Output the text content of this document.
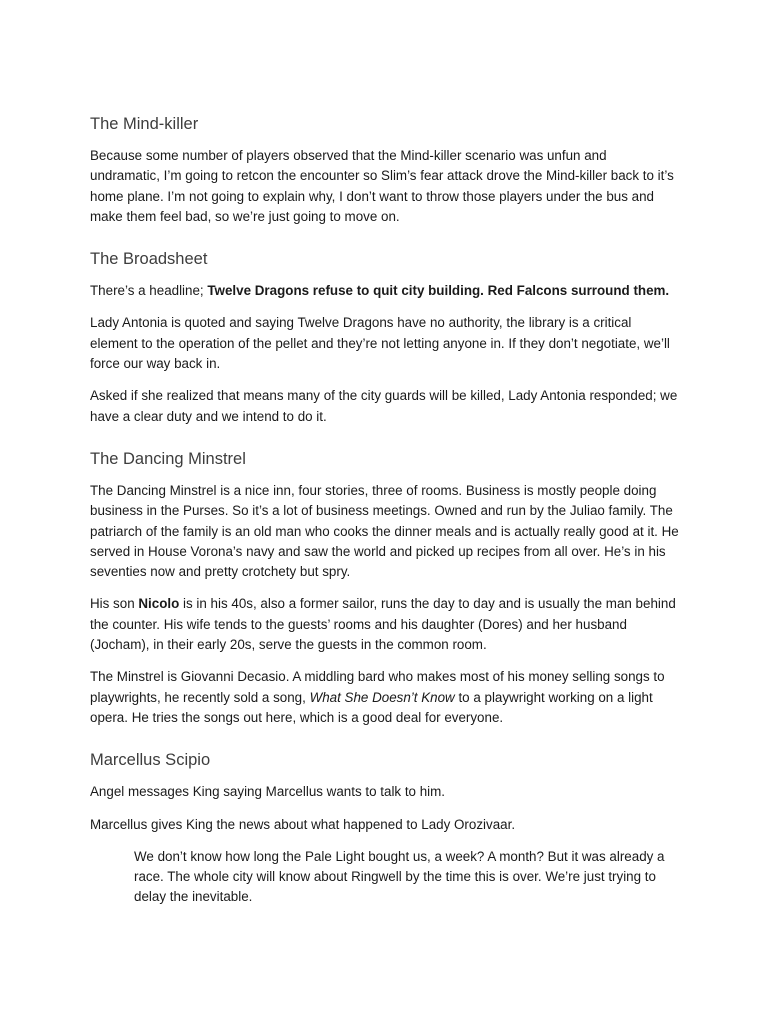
The Mind-killer

Because some number of players observed that the Mind-killer scenario was unfun and undramatic, I’m going to retcon the encounter so Slim’s fear attack drove the Mind-killer back to it’s home plane. I’m not going to explain why, I don’t want to throw those players under the bus and make them feel bad, so we’re just going to move on.

The Broadsheet

There’s a headline; Twelve Dragons refuse to quit city building. Red Falcons surround them.

Lady Antonia is quoted and saying Twelve Dragons have no authority, the library is a critical element to the operation of the pellet and they’re not letting anyone in. If they don’t negotiate, we’ll force our way back in.

Asked if she realized that means many of the city guards will be killed, Lady Antonia responded; we have a clear duty and we intend to do it.

The Dancing Minstrel

The Dancing Minstrel is a nice inn, four stories, three of rooms. Business is mostly people doing business in the Purses. So it’s a lot of business meetings. Owned and run by the Juliao family. The patriarch of the family is an old man who cooks the dinner meals and is actually really good at it. He served in House Vorona’s navy and saw the world and picked up recipes from all over. He’s in his seventies now and pretty crotchety but spry.

His son Nicolo is in his 40s, also a former sailor, runs the day to day and is usually the man behind the counter. His wife tends to the guests’ rooms and his daughter (Dores) and her husband (Jocham), in their early 20s, serve the guests in the common room.

The Minstrel is Giovanni Decasio. A middling bard who makes most of his money selling songs to playwrights, he recently sold a song, What She Doesn’t Know to a playwright working on a light opera. He tries the songs out here, which is a good deal for everyone.

Marcellus Scipio

Angel messages King saying Marcellus wants to talk to him.

Marcellus gives King the news about what happened to Lady Orozivaar.

We don’t know how long the Pale Light bought us, a week? A month? But it was already a race. The whole city will know about Ringwell by the time this is over. We’re just trying to delay the inevitable.
